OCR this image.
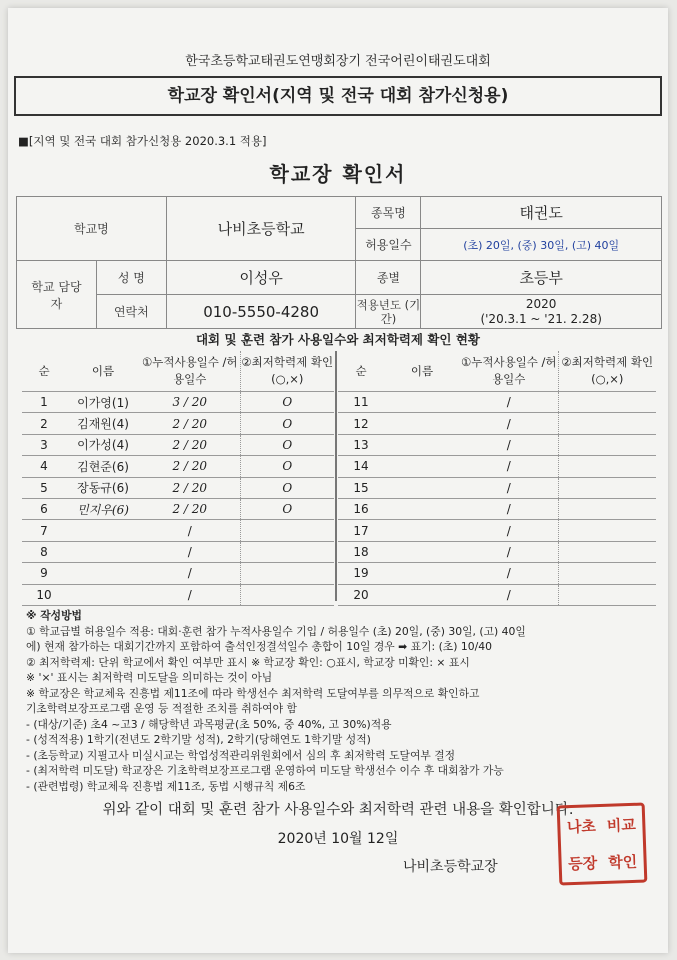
한국초등학교태권도연맹회장기 전국어린이태권도대회
학교장 확인서(지역 및 전국 대회 참가신청용)
■[지역 및 전국 대회 참가신청용 2020.3.1 적용]
학교장 확인서
학교명		나비초등학교	종목명	태권도
			허용일수	(초) 20일, (중) 30일, (고) 40일
학교 담당자	성 명	이성우	종별	초등부
	연락처	010-5550-4280	적용년도 (기간)	2020
('20.3.1 ~ '21. 2.28)
대회 및 훈련 참가 사용일수와 최저학력제 확인 현황
순	이름	①누적사용일수 /허용일수	②최저학력제 확인(○,×)
1	이가영(1)	3 / 20	O
2	김재원(4)	2 / 20	O
3	이가성(4)	2 / 20	O
4	김현준(6)	2 / 20	O
5	장동규(6)	2 / 20	O
6	민지우(6)	2 / 20	O
7		/	
8		/	
9		/	
10		/	
순	이름	①누적사용일수 /허용일수	②최저학력제 확인(○,×)
11		/	
12		/	
13		/	
14		/	
15		/	
16		/	
17		/	
18		/	
19		/	
20		/	
※ 작성방법
① 학교급별 허용일수 적용: 대회·훈련 참가 누적사용일수 기입 / 허용일수 (초) 20일, (중) 30일, (고) 40일
에) 현재 참가하는 대회기간까지 포함하여 출석인정결석일수 총합이 10일 경우 ➡ 표기: (초) 10/40
② 최저학력제: 단위 학교에서 확인 여부만 표시 ※ 학교장 확인: ○표시, 학교장 미확인: × 표시
※ '×' 표시는 최저학력 미도달을 의미하는 것이 아님
※ 학교장은 학교체육 진흥법 제11조에 따라 학생선수 최저학력 도달여부를 의무적으로 확인하고
기초학력보장프로그램 운영 등 적절한 조치를 취하여야 함
- (대상/기준) 초4 ~고3 / 해당학년 과목평균(초 50%, 중 40%, 고 30%)적용
- (성적적용) 1학기(전년도 2학기말 성적), 2학기(당해연도 1학기말 성적)
- (초등학교) 지필고사 미실시교는 학업성적관리위원회에서 심의 후 최저학력 도달여부 결정
- (최저학력 미도달) 학교장은 기초학력보장프로그램 운영하여 미도달 학생선수 이수 후 대회참가 가능
- (관련법령) 학교체육 진흥법 제11조, 동법 시행규칙 제6조
위와 같이 대회 및 훈련 참가 사용일수와 최저학력 관련 내용을 확인합니다.
2020년 10월 12일
나비초등학교장
나초 비교
등장 학인
